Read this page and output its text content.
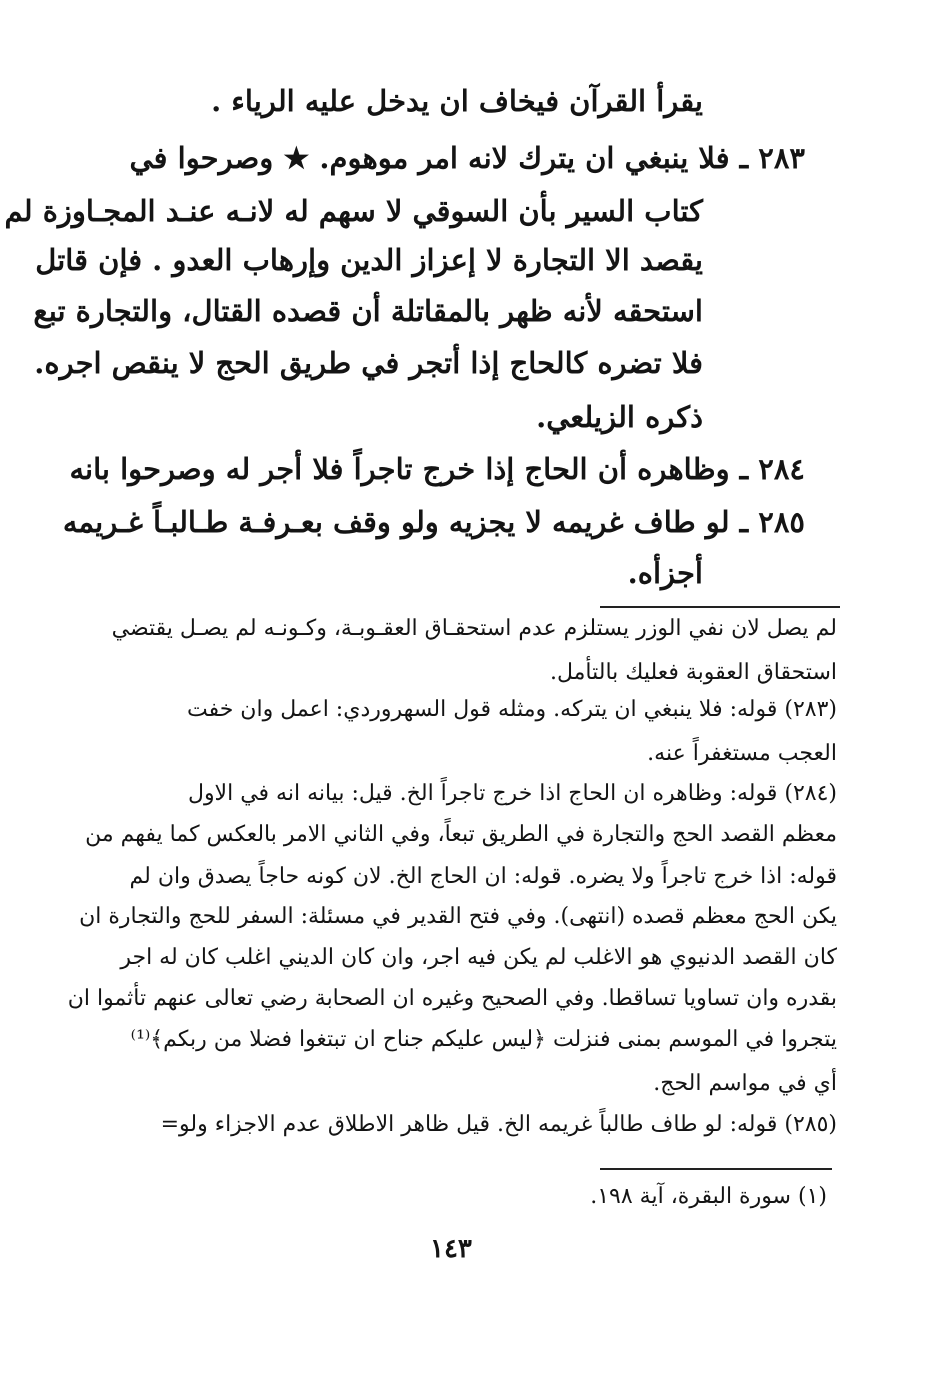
يقرأ القرآن فيخاف ان يدخل عليه الرياء .
٢٨٣ ـ فلا ينبغي ان يترك لانه امر موهوم. ★ وصرحوا في
كتاب السير بأن السوقي لا سهم له لانـه عنـد المجـاوزة لم
يقصد الا التجارة لا إعزاز الدين وإرهاب العدو . فإن قاتل
استحقه لأنه ظهر بالمقاتلة أن قصده القتال، والتجارة تبع
فلا تضره كالحاج إذا أتجر في طريق الحج لا ينقص اجره.
ذكره الزيلعي.
٢٨٤ ـ وظاهره أن الحاج إذا خرج تاجراً فلا أجر له وصرحوا بانه
٢٨٥ ـ لو طاف غريمه لا يجزيه ولو وقف بعـرفـة طـالبـاً غـريمه
أجزأه.
لم يصل لان نفي الوزر يستلزم عدم استحقـاق العقـوبـة، وكـونـه لم يصـل يقتضي
استحقاق العقوبة فعليك بالتأمل.
(٢٨٣) قوله: فلا ينبغي ان يتركه. ومثله قول السهروردي: اعمل وان خفت
العجب مستغفراً عنه.
(٢٨٤) قوله: وظاهره ان الحاج اذا خرج تاجراً الخ. قيل: بيانه انه في الاول
معظم القصد الحج والتجارة في الطريق تبعاً، وفي الثاني الامر بالعكس كما يفهم من
قوله: اذا خرج تاجراً ولا يضره. قوله: ان الحاج الخ. لان كونه حاجاً يصدق وان لم
يكن الحج معظم قصده (انتهى). وفي فتح القدير في مسئلة: السفر للحج والتجارة ان
كان القصد الدنيوي هو الاغلب لم يكن فيه اجر، وان كان الديني اغلب كان له اجر
بقدره وان تساويا تساقطا. وفي الصحيح وغيره ان الصحابة رضي تعالى عنهم تأثموا ان
يتجروا في الموسم بمنى فنزلت ﴿ليس عليكم جناح ان تبتغوا فضلا من ربكم﴾⁽¹⁾
أي في مواسم الحج.
(٢٨٥) قوله: لو طاف طالباً غريمه الخ. قيل ظاهر الاطلاق عدم الاجزاء ولو=
(١) سورة البقرة، آية ١٩٨.
١٤٣
